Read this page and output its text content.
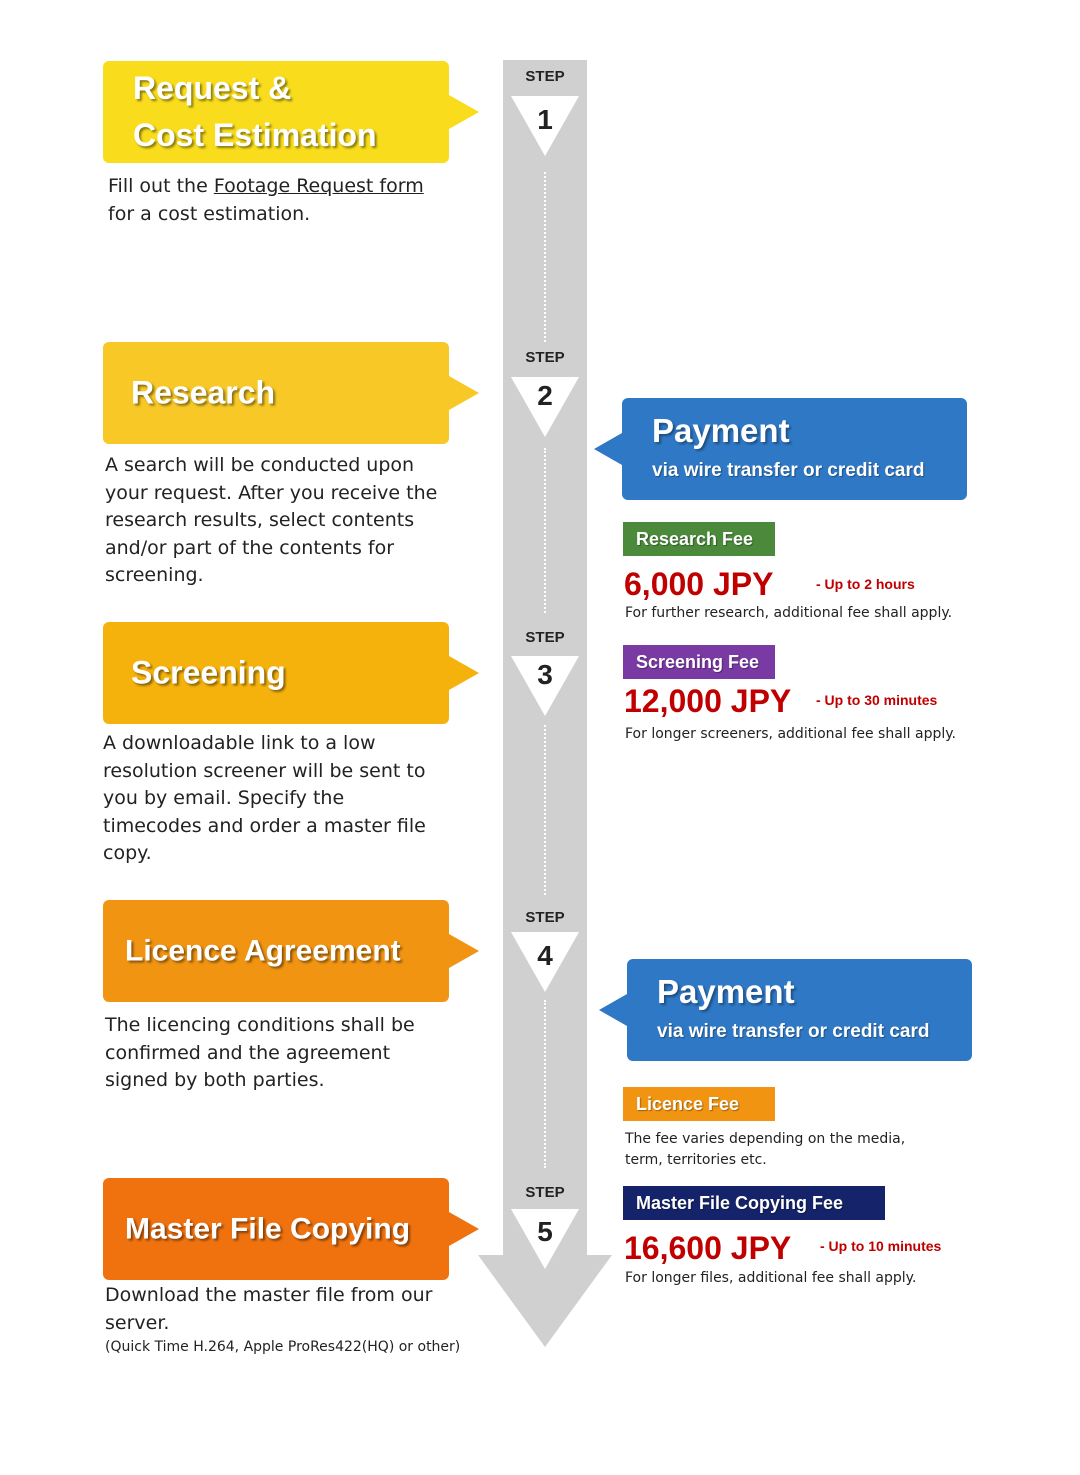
STEP
1
STEP
2
STEP
3
STEP
4
STEP
5
Request &
Cost Estimation
Fill out the Footage Request form
for a cost estimation.
Research
A search will be conducted upon your request. After you receive the research results, select contents and/or part of the contents for screening.
Screening
A downloadable link to a low resolution screener will be sent to you by email. Specify the timecodes and order a master file copy.
Licence Agreement
The licencing conditions shall be confirmed and the agreement signed by both parties.
Master File Copying
Download the master file from our server.
(Quick Time H.264, Apple ProRes422(HQ) or other)
Payment
via wire transfer or credit card
Research Fee
6,000 JPY	- Up to 2 hours
For further research, additional fee shall apply.
Screening Fee
12,000 JPY - Up to 30 minutes
For longer screeners, additional fee shall apply.
Payment
via wire transfer or credit card
Licence Fee
The fee varies depending on the media,
term, territories etc.
Master File Copying Fee
16,600 JPY - Up to 10 minutes
For longer files, additional fee shall apply.
